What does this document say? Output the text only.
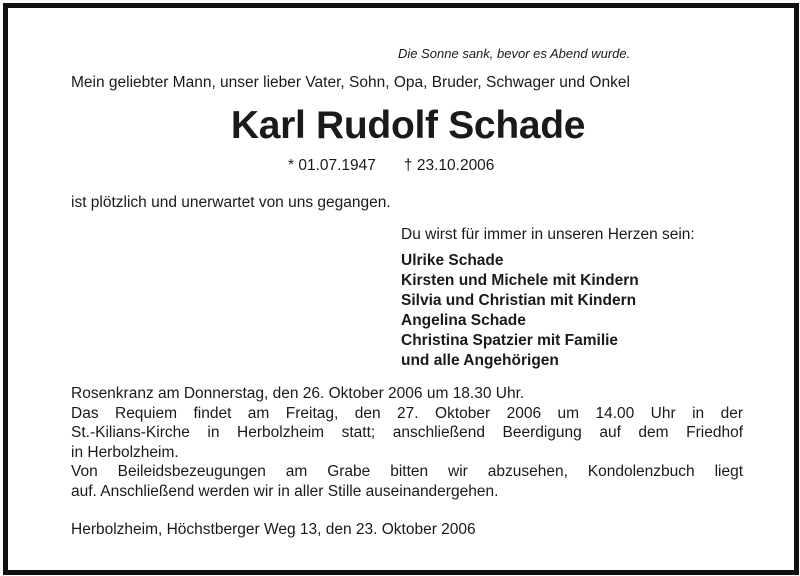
Die Sonne sank, bevor es Abend wurde.
Mein geliebter Mann, unser lieber Vater, Sohn, Opa, Bruder, Schwager und Onkel
Karl Rudolf Schade
* 01.07.1947 † 23.10.2006
ist plötzlich und unerwartet von uns gegangen.
Du wirst für immer in unseren Herzen sein:
Ulrike Schade
Kirsten und Michele mit Kindern
Silvia und Christian mit Kindern
Angelina Schade
Christina Spatzier mit Familie
und alle Angehörigen
Rosenkranz am Donnerstag, den 26. Oktober 2006 um 18.30 Uhr.
Das Requiem findet am Freitag, den 27. Oktober 2006 um 14.00 Uhr in der
St.-Kilians-Kirche in Herbolzheim statt; anschließend Beerdigung auf dem Friedhof
in Herbolzheim.
Von Beileidsbezeugungen am Grabe bitten wir abzusehen, Kondolenzbuch liegt
auf. Anschließend werden wir in aller Stille auseinandergehen.
Herbolzheim, Höchstberger Weg 13, den 23. Oktober 2006
